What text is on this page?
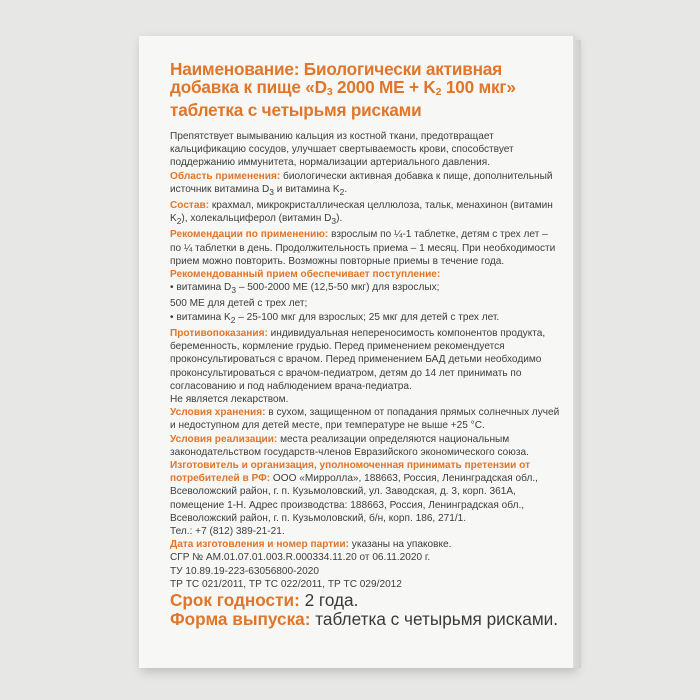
Наименование: Биологически активная
добавка к пище «D3 2000 МЕ + K2 100 мкг»
таблетка с четырьмя рисками

Препятствует вымыванию кальция из костной ткани, предотвращает кальцификацию сосудов, улучшает свертываемость крови, способствует поддержанию иммунитета, нормализации артериального давления.

Область применения: биологически активная добавка к пище, дополнительный источник витамина $D_3$ и витамина $K_2$.

Состав: крахмал, микрокристаллическая целлюлоза, тальк, менахинон (витамин $K_2$), холекальциферол (витамин $D_3$).

Рекомендации по применению: взрослым по ¼-1 таблетке, детям с трех лет – по ¼ таблетки в день. Продолжительность приема – 1 месяц. При необходимости прием можно повторить. Возможны повторные приемы в течение года.

Рекомендованный прием обеспечивает поступление:

• витамина $D_3 - 500-2000$ МЕ (12,5-50 мкг) для взрослых;

500 МЕ для детей с трех лет;

• витамина $K_2 - 25-100$ мкг для взрослых; 25 мкг для детей с трех лет.

Противопоказания: индивидуальная непереносимость компонентов продукта, беременность, кормление грудью. Перед применением рекомендуется проконсультироваться с врачом. Перед применением БАД детьми необходимо проконсультироваться с врачом-педиатром, детям до 14 лет принимать по согласованию и под наблюдением врача-педиатра.

Не является лекарством.

Условия хранения: в сухом, защищенном от попадания прямых солнечных лучей и недоступном для детей месте, при температуре не выше +25 °С.

Условия реализации: места реализации определяются национальным законодательством государств-членов Евразийского экономического союза.

Изготовитель и организация, уполномоченная принимать претензии от потребителей в РФ: ООО «Мирролла», 188663, Россия, Ленинградская обл., Всеволожский район, г. п. Кузьмоловский, ул. Заводская, д. 3, корп. 361А, помещение 1-Н. Адрес производства: 188663, Россия, Ленинградская обл., Всеволожский район, г. п. Кузьмоловский, б/н, корп. 186, 271/1.

Тел.: +7 (812) 389-21-21.

Дата изготовления и номер партии: указаны на упаковке.

СГР № AM.01.07.01.003.R.000334.11.20 от 06.11.2020 г.

ТУ 10.89.19-223-63056800-2020

ТР ТС 021/2011, ТР ТС 022/2011, ТР ТС 029/2012

Срок годности: 2 года.

Форма выпуска: таблетка с четырьмя рисками.
